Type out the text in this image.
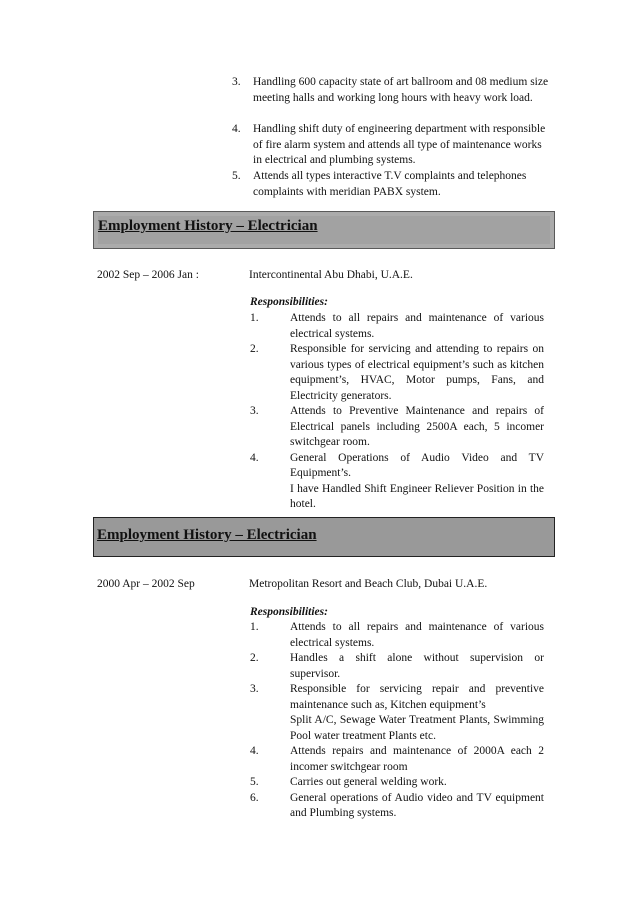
3. Handling 600 capacity state of art ballroom and 08 medium size meeting halls and working long hours with heavy work load.
4. Handling shift duty of engineering department with responsible of fire alarm system and attends all type of maintenance works in electrical and plumbing systems.
5. Attends all types interactive T.V complaints and telephones complaints with meridian PABX system.
Employment History – Electrician
2002 Sep – 2006 Jan :	Intercontinental Abu Dhabi, U.A.E.
Responsibilities:
1.	Attends to all repairs and maintenance of various electrical systems.
2.	Responsible for servicing and attending to repairs on various types of electrical equipment’s such as kitchen equipment’s, HVAC, Motor pumps, Fans, and Electricity generators.
3.	Attends to Preventive Maintenance and repairs of Electrical panels including 2500A each, 5 incomer switchgear room.
4.	General Operations of Audio Video and TV Equipment’s.
I have Handled Shift Engineer Reliever Position in the hotel.
Employment History – Electrician
2000 Apr – 2002 Sep	Metropolitan Resort and Beach Club, Dubai U.A.E.
Responsibilities:
1.	Attends to all repairs and maintenance of various electrical systems.
2.	Handles a shift alone without supervision or supervisor.
3.	Responsible for servicing repair and preventive maintenance such as, Kitchen equipment’s
Split A/C, Sewage Water Treatment Plants, Swimming Pool water treatment Plants etc.
4.	Attends repairs and maintenance of 2000A each 2 incomer switchgear room
5.	Carries out general welding work.
6.	General operations of Audio video and TV equipment and Plumbing systems.
